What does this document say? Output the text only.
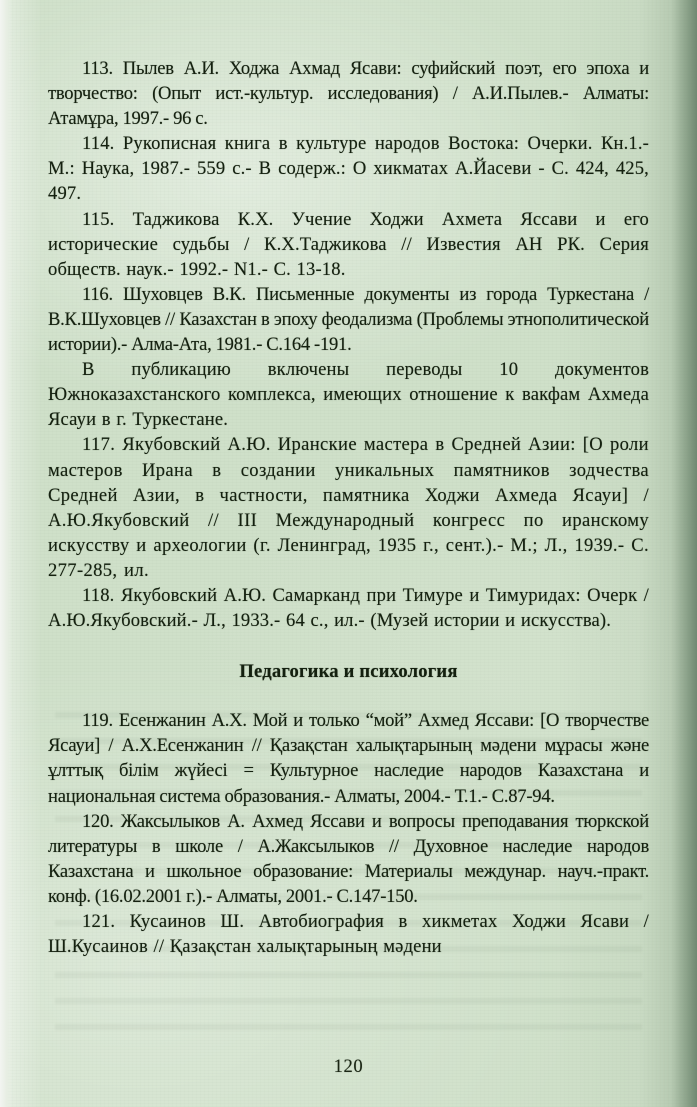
113. Пылев А.И. Ходжа Ахмад Ясави: суфийский поэт, его эпоха и творчество: (Опыт ист.-культур. исследования) / А.И.Пылев.- Алматы: Атамұра, 1997.- 96 с.

114. Рукописная книга в культуре народов Востока: Очерки. Кн.1.- М.: Наука, 1987.- 559 с.- В содерж.: О хикматах А.Йасеви - С. 424, 425, 497.

115. Таджикова К.Х. Учение Ходжи Ахмета Яссави и его исторические судьбы / К.Х.Таджикова // Известия АН РК. Серия обществ. наук.- 1992.- N1.- С. 13-18.

116. Шуховцев В.К. Письменные документы из города Туркестана / В.К.Шуховцев // Казахстан в эпоху феодализма (Проблемы этнополитической истории).- Алма-Ата, 1981.- С.164 -191.

В публикацию включены переводы 10 документов Южноказахстанского комплекса, имеющих отношение к вакфам Ахмеда Ясауи в г. Туркестане.

117. Якубовский А.Ю. Иранские мастера в Средней Азии: [О роли мастеров Ирана в создании уникальных памятников зодчества Средней Азии, в частности, памятника Ходжи Ахмеда Ясауи] / А.Ю.Якубовский // III Международный конгресс по иранскому искусству и археологии (г. Ленинград, 1935 г., сент.).- М.; Л., 1939.- С. 277-285, ил.

118. Якубовский А.Ю. Самарканд при Тимуре и Тимуридах: Очерк / А.Ю.Якубовский.- Л., 1933.- 64 с., ил.- (Музей истории и искусства).

Педагогика и психология

119. Есенжанин А.Х. Мой и только “мой” Ахмед Яссави: [О творчестве Ясауи] / А.Х.Есенжанин // Қазақстан халықтарының мәдени мұрасы және ұлттық білім жүйесі = Культурное наследие народов Казахстана и национальная система образования.- Алматы, 2004.- Т.1.- С.87-94.

120. Жаксылыков А. Ахмед Яссави и вопросы преподавания тюркской литературы в школе / А.Жаксылыков // Духовное наследие народов Казахстана и школьное образование: Материалы междунар. науч.-практ. конф. (16.02.2001 г.).- Алматы, 2001.- С.147-150.

121. Кусаинов Ш. Автобиография в хикметах Ходжи Ясави / Ш.Кусаинов // Қазақстан халықтарының мәдени

120
